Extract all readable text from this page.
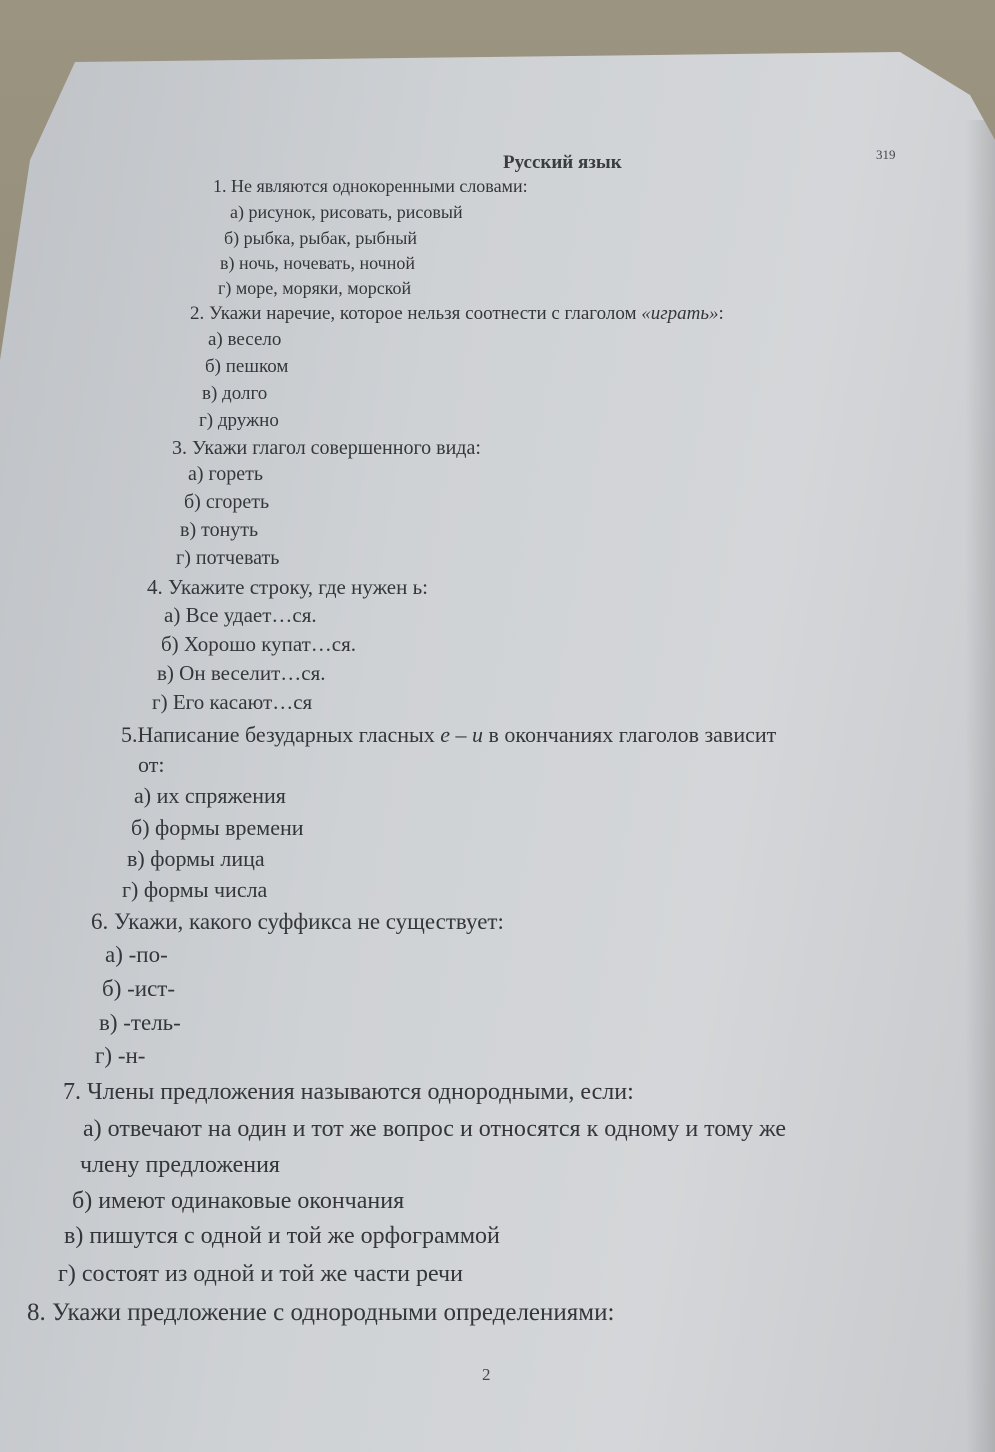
Русский язык	319
1. Не являются однокоренными словами:
а) рисунок, рисовать, рисовый
б) рыбка, рыбак, рыбный
в) ночь, ночевать, ночной
г) море, моряки, морской
2. Укажи наречие, которое нельзя соотнести с глаголом «играть»:
а) весело
б) пешком
в) долго
г) дружно
3. Укажи глагол совершенного вида:
а) гореть
б) сгореть
в) тонуть
г) потчевать
4. Укажите строку, где нужен ь:
а) Все удает…ся.
б) Хорошо купат…ся.
в) Он веселит…ся.
г) Его касают…ся
5.Написание безударных гласных е – и в окончаниях глаголов зависит
от:
а) их спряжения
б) формы времени
в) формы лица
г) формы числа
6. Укажи, какого суффикса не существует:
а) -по-
б) -ист-
в) -тель-
г) -н-
7. Члены предложения называются однородными, если:
а) отвечают на один и тот же вопрос и относятся к одному и тому же
членy предложения
б) имеют одинаковые окончания
в) пишутся с одной и той же орфограммой
г) состоят из одной и той же части речи
8. Укажи предложение с однородными определениями:
2
